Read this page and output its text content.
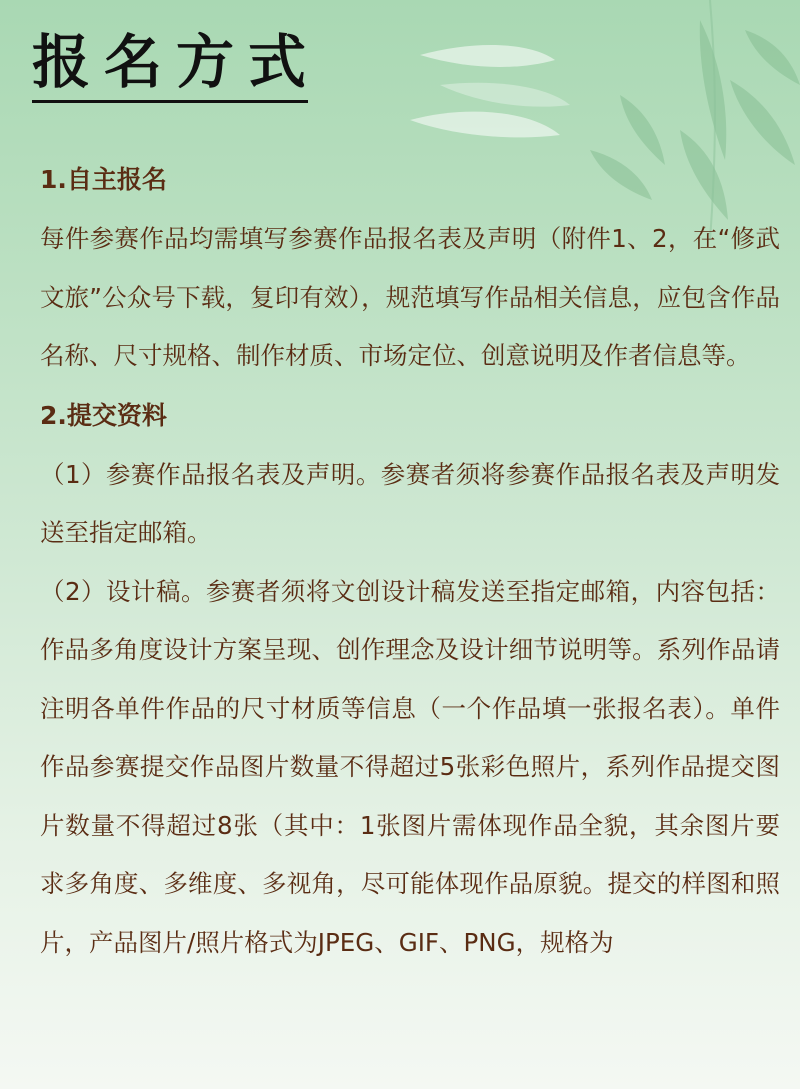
报名方式
1.自主报名

每件参赛作品均需填写参赛作品报名表及声明（附件1、2，在“修武文旅”公众号下载，复印有效），规范填写作品相关信息，应包含作品名称、尺寸规格、制作材质、市场定位、创意说明及作者信息等。

2.提交资料

（1）参赛作品报名表及声明。参赛者须将参赛作品报名表及声明发送至指定邮箱。

（2）设计稿。参赛者须将文创设计稿发送至指定邮箱，内容包括：作品多角度设计方案呈现、创作理念及设计细节说明等。系列作品请注明各单件作品的尺寸材质等信息（一个作品填一张报名表）。单件作品参赛提交作品图片数量不得超过5张彩色照片，系列作品提交图片数量不得超过8张（其中：1张图片需体现作品全貌，其余图片要求多角度、多维度、多视角，尽可能体现作品原貌。提交的样图和照片，产品图片/照片格式为JPEG、GIF、PNG，规格为
